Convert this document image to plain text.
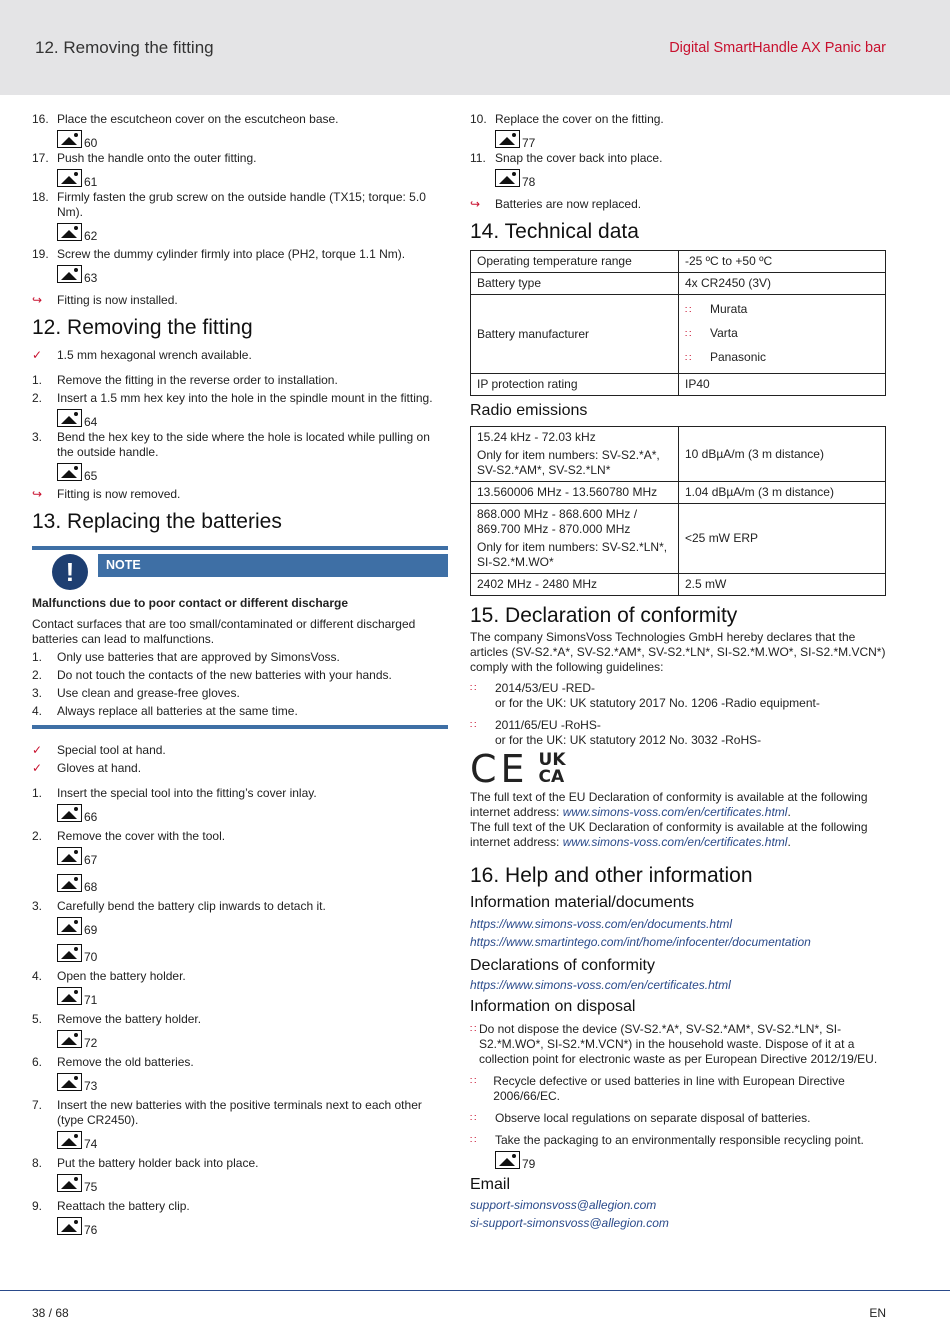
12. Removing the fitting	Digital SmartHandle AX Panic bar
16. Place the escutcheon cover on the escutcheon base.
60
17. Push the handle onto the outer fitting.
61
18. Firmly fasten the grub screw on the outside handle (TX15; torque: 5.0 Nm).
62
19. Screw the dummy cylinder firmly into place (PH2, torque 1.1 Nm).
63
↪	Fitting is now installed.
12. Removing the fitting
✓	1.5 mm hexagonal wrench available.
1.	Remove the fitting in the reverse order to installation.
2.	Insert a 1.5 mm hex key into the hole in the spindle mount in the fitting.
64
3.	Bend the hex key to the side where the hole is located while pulling on the outside handle.
65
↪	Fitting is now removed.
13. Replacing the batteries
!	NOTE
Malfunctions due to poor contact or different discharge
Contact surfaces that are too small/contaminated or different discharged batteries can lead to malfunctions.
1.	Only use batteries that are approved by SimonsVoss.
2.	Do not touch the contacts of the new batteries with your hands.
3.	Use clean and grease-free gloves.
4.	Always replace all batteries at the same time.
✓	Special tool at hand.
✓	Gloves at hand.
1.	Insert the special tool into the fitting’s cover inlay.
66
2.	Remove the cover with the tool.
67
68
3.	Carefully bend the battery clip inwards to detach it.
69
70
4.	Open the battery holder.
71
5.	Remove the battery holder.
72
6.	Remove the old batteries.
73
7.	Insert the new batteries with the positive terminals next to each other (type CR2450).
74
8.	Put the battery holder back into place.
75
9.	Reattach the battery clip.
76
10. Replace the cover on the fitting.
77
11. Snap the cover back into place.
78
↪	Batteries are now replaced.
14. Technical data
Operating temperature range	-25 ºC to +50 ºC
Battery type	4x CR2450 (3V)
Battery manufacturer	∷ Murata
∷ Varta
∷ Panasonic

IP protection rating	IP40
Radio emissions
15.24 kHz - 72.03 kHz
Only for item numbers: SV-S2.*A*, SV-S2.*AM*, SV-S2.*LN*	10 dBµA/m (3 m distance)
13.560006 MHz - 13.560780 MHz	1.04 dBµA/m (3 m distance)

868.000 MHz - 868.600 MHz / 869.700 MHz - 870.000 MHz
Only for item numbers: SV-S2.*LN*, SI-S2.*M.WO*	<25 mW ERP
2402 MHz - 2480 MHz	2.5 mW
15. Declaration of conformity
The company SimonsVoss Technologies GmbH hereby declares that the articles (SV-S2.*A*, SV-S2.*AM*, SV-S2.*LN*, SI-S2.*M.WO*, SI-S2.*M.VCN*) comply with the following guidelines:
∷	2014/53/EU -RED-
or for the UK: UK statutory 2017 No. 1206 -Radio equipment-
∷	2011/65/EU -RoHS-
or for the UK: UK statutory 2012 No. 3032 -RoHS-
CE UK
CA
The full text of the EU Declaration of conformity is available at the following internet address: www.simons-voss.com/en/certificates.html.
The full text of the UK Declaration of conformity is available at the following internet address: www.simons-voss.com/en/certificates.html.
16. Help and other information
Information material/documents
https://www.simons-voss.com/en/documents.html
https://www.smartintego.com/int/home/infocenter/documentation
Declarations of conformity
https://www.simons-voss.com/en/certificates.html
Information on disposal
∷ Do not dispose the device (SV-S2.*A*, SV-S2.*AM*, SV-S2.*LN*, SI-S2.*M.WO*, SI-S2.*M.VCN*) in the household waste. Dispose of it at a collection point for electronic waste as per European Directive 2012/19/EU.
∷	Recycle defective or used batteries in line with European Directive 2006/66/EC.
∷	Observe local regulations on separate disposal of batteries.
∷	Take the packaging to an environmentally responsible recycling point.
79
Email
support-simonsvoss@allegion.com
si-support-simonsvoss@allegion.com
38 / 68	EN
